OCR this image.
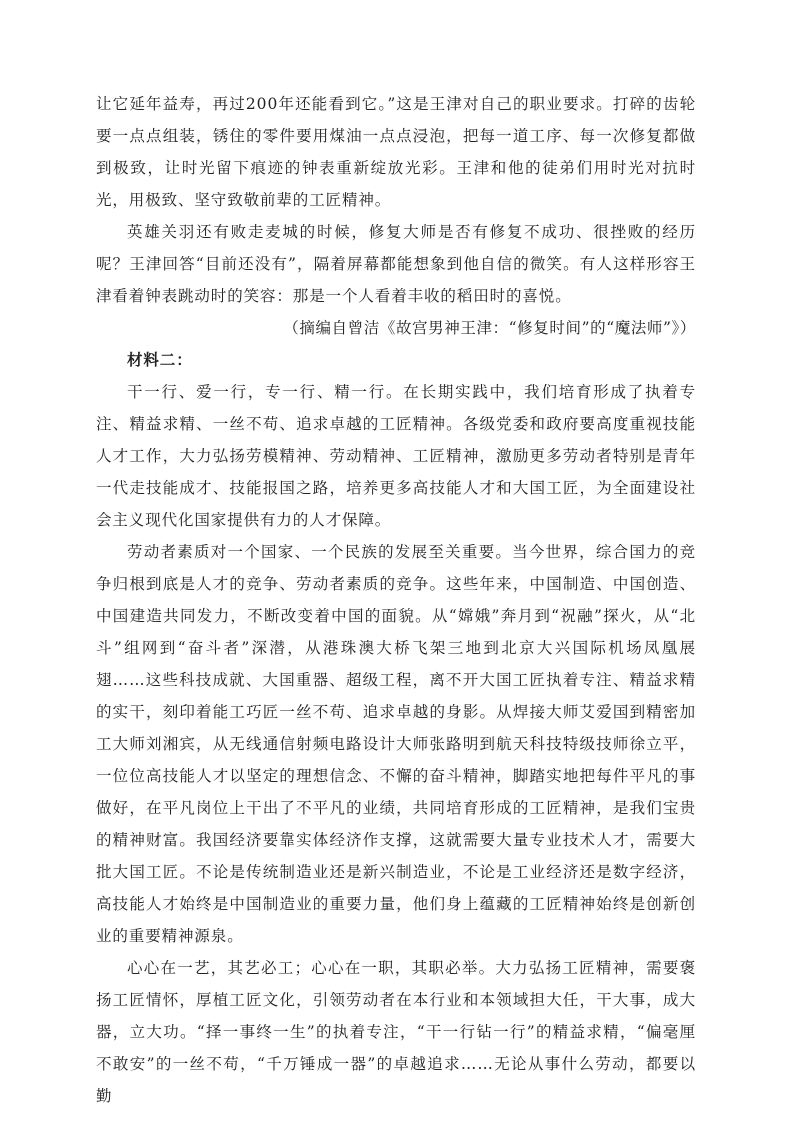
让它延年益寿，再过200年还能看到它。”这是王津对自己的职业要求。打碎的齿轮要一点点组装，锈住的零件要用煤油一点点浸泡，把每一道工序、每一次修复都做到极致，让时光留下痕迹的钟表重新绽放光彩。王津和他的徒弟们用时光对抗时光，用极致、坚守致敬前辈的工匠精神。

英雄关羽还有败走麦城的时候，修复大师是否有修复不成功、很挫败的经历呢？王津回答“目前还没有”，隔着屏幕都能想象到他自信的微笑。有人这样形容王津看着钟表跳动时的笑容：那是一个人看着丰收的稻田时的喜悦。

（摘编自曾洁《故宫男神王津：“修复时间”的“魔法师”》）

材料二：

干一行、爱一行，专一行、精一行。在长期实践中，我们培育形成了执着专注、精益求精、一丝不苟、追求卓越的工匠精神。各级党委和政府要高度重视技能人才工作，大力弘扬劳模精神、劳动精神、工匠精神，激励更多劳动者特别是青年一代走技能成才、技能报国之路，培养更多高技能人才和大国工匠，为全面建设社会主义现代化国家提供有力的人才保障。

劳动者素质对一个国家、一个民族的发展至关重要。当今世界，综合国力的竞争归根到底是人才的竞争、劳动者素质的竞争。这些年来，中国制造、中国创造、中国建造共同发力，不断改变着中国的面貌。从“嫦娥”奔月到“祝融”探火，从“北斗”组网到“奋斗者”深潜，从港珠澳大桥飞架三地到北京大兴国际机场凤凰展翅……这些科技成就、大国重器、超级工程，离不开大国工匠执着专注、精益求精的实干，刻印着能工巧匠一丝不苟、追求卓越的身影。从焊接大师艾爱国到精密加工大师刘湘宾，从无线通信射频电路设计大师张路明到航天科技特级技师徐立平，一位位高技能人才以坚定的理想信念、不懈的奋斗精神，脚踏实地把每件平凡的事做好，在平凡岗位上干出了不平凡的业绩，共同培育形成的工匠精神，是我们宝贵的精神财富。我国经济要靠实体经济作支撑，这就需要大量专业技术人才，需要大批大国工匠。不论是传统制造业还是新兴制造业，不论是工业经济还是数字经济，高技能人才始终是中国制造业的重要力量，他们身上蕴藏的工匠精神始终是创新创业的重要精神源泉。

心心在一艺，其艺必工；心心在一职，其职必举。大力弘扬工匠精神，需要褒扬工匠情怀，厚植工匠文化，引领劳动者在本行业和本领域担大任，干大事，成大器，立大功。“择一事终一生”的执着专注，“干一行钻一行”的精益求精，“偏毫厘不敢安”的一丝不苟，“千万锤成一器”的卓越追求……无论从事什么劳动，都要以勤
